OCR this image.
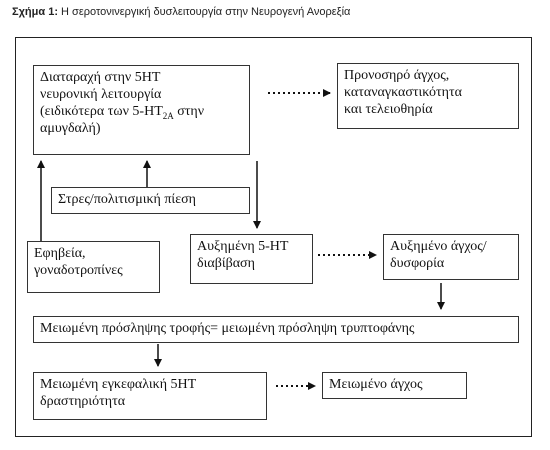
Σχήμα 1: Η σεροτονινεργική δυσλειτουργία στην Νευρογενή Ανορεξία
Διαταραχή στην 5HT
νευρονική λειτουργία
(ειδικότερα των $5-HT_{2A}$ στην
αμυγδαλή)
Προνοσηρό άγχος,
καταναγκαστικότητα
και τελειοθηρία
Στρες/πολιτισμική πίεση
Εφηβεία,
γοναδοτροπίνες
Αυξημένη 5-HT
διαβίβαση
Αυξημένο άγχος/
δυσφορία
Μειωμένη πρόσληψης τροφής= μειωμένη πρόσληψη τρυπτοφάνης
Μειωμένη εγκεφαλική 5HT
δραστηριότητα
Μειωμένο άγχος
